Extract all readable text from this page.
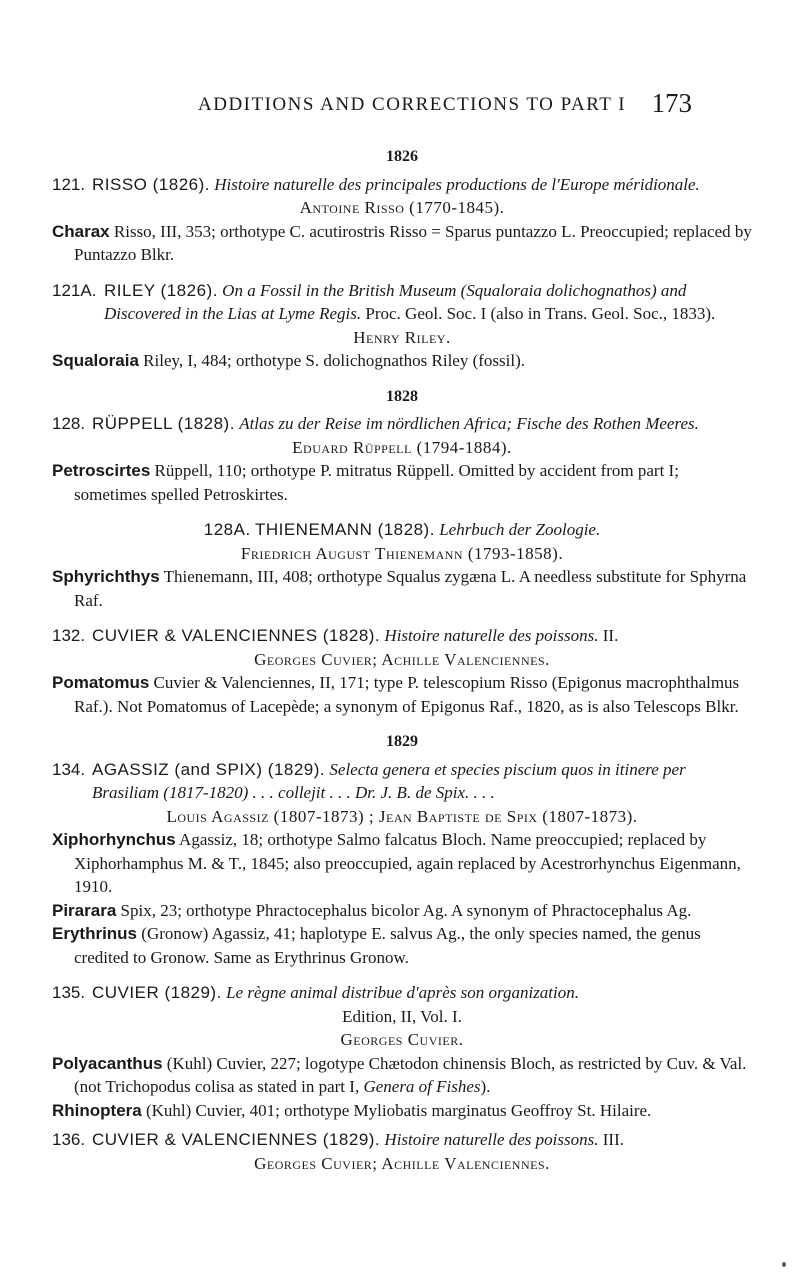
ADDITIONS AND CORRECTIONS TO PART I 173
1826
121. RISSO (1826). Histoire naturelle des principales productions de l'Europe méridionale.
Antoine Risso (1770-1845).

Charax Risso, III, 353; orthotype C. acutirostris Risso = Sparus puntazzo L. Preoccupied; replaced by Puntazzo Blkr.

121A. RILEY (1826). On a Fossil in the British Museum (Squaloraia dolichognathos) and Discovered in the Lias at Lyme Regis. Proc. Geol. Soc. I (also in Trans. Geol. Soc., 1833).
Henry Riley.

Squaloraia Riley, I, 484; orthotype S. dolichognathos Riley (fossil).

1828
128. RÜPPELL (1828). Atlas zu der Reise im nördlichen Africa; Fische des Rothen Meeres.
Eduard Rüppell (1794-1884).

Petroscirtes Rüppell, 110; orthotype P. mitratus Rüppell. Omitted by accident from part I; sometimes spelled Petroskirtes.

128A. THIENEMANN (1828). Lehrbuch der Zoologie.
Friedrich August Thienemann (1793-1858).

Sphyrichthys Thienemann, III, 408; orthotype Squalus zygæna L. A needless substitute for Sphyrna Raf.

132. CUVIER & VALENCIENNES (1828). Histoire naturelle des poissons. II.
Georges Cuvier; Achille Valenciennes.

Pomatomus Cuvier & Valenciennes, II, 171; type P. telescopium Risso (Epigonus macrophthalmus Raf.). Not Pomatomus of Lacepède; a synonym of Epigonus Raf., 1820, as is also Telescops Blkr.

1829
134. AGASSIZ (and SPIX) (1829). Selecta genera et species piscium quos in itinere per Brasiliam (1817-1820) . . . collejit . . . Dr. J. B. de Spix. . . .
Louis Agassiz (1807-1873) ; Jean Baptiste de Spix (1807-1873).

Xiphorhynchus Agassiz, 18; orthotype Salmo falcatus Bloch. Name preoccupied; replaced by Xiphorhamphus M. & T., 1845; also preoccupied, again replaced by Acestrorhynchus Eigenmann, 1910.

Pirarara Spix, 23; orthotype Phractocephalus bicolor Ag. A synonym of Phractocephalus Ag.

Erythrinus (Gronow) Agassiz, 41; haplotype E. salvus Ag., the only species named, the genus credited to Gronow. Same as Erythrinus Gronow.

135. CUVIER (1829). Le règne animal distribue d'après son organization.
Edition, II, Vol. I.
Georges Cuvier.

Polyacanthus (Kuhl) Cuvier, 227; logotype Chætodon chinensis Bloch, as restricted by Cuv. & Val. (not Trichopodus colisa as stated in part I, Genera of Fishes).

Rhinoptera (Kuhl) Cuvier, 401; orthotype Myliobatis marginatus Geoffroy St. Hilaire.

136. CUVIER & VALENCIENNES (1829). Histoire naturelle des poissons. III.
Georges Cuvier; Achille Valenciennes.
